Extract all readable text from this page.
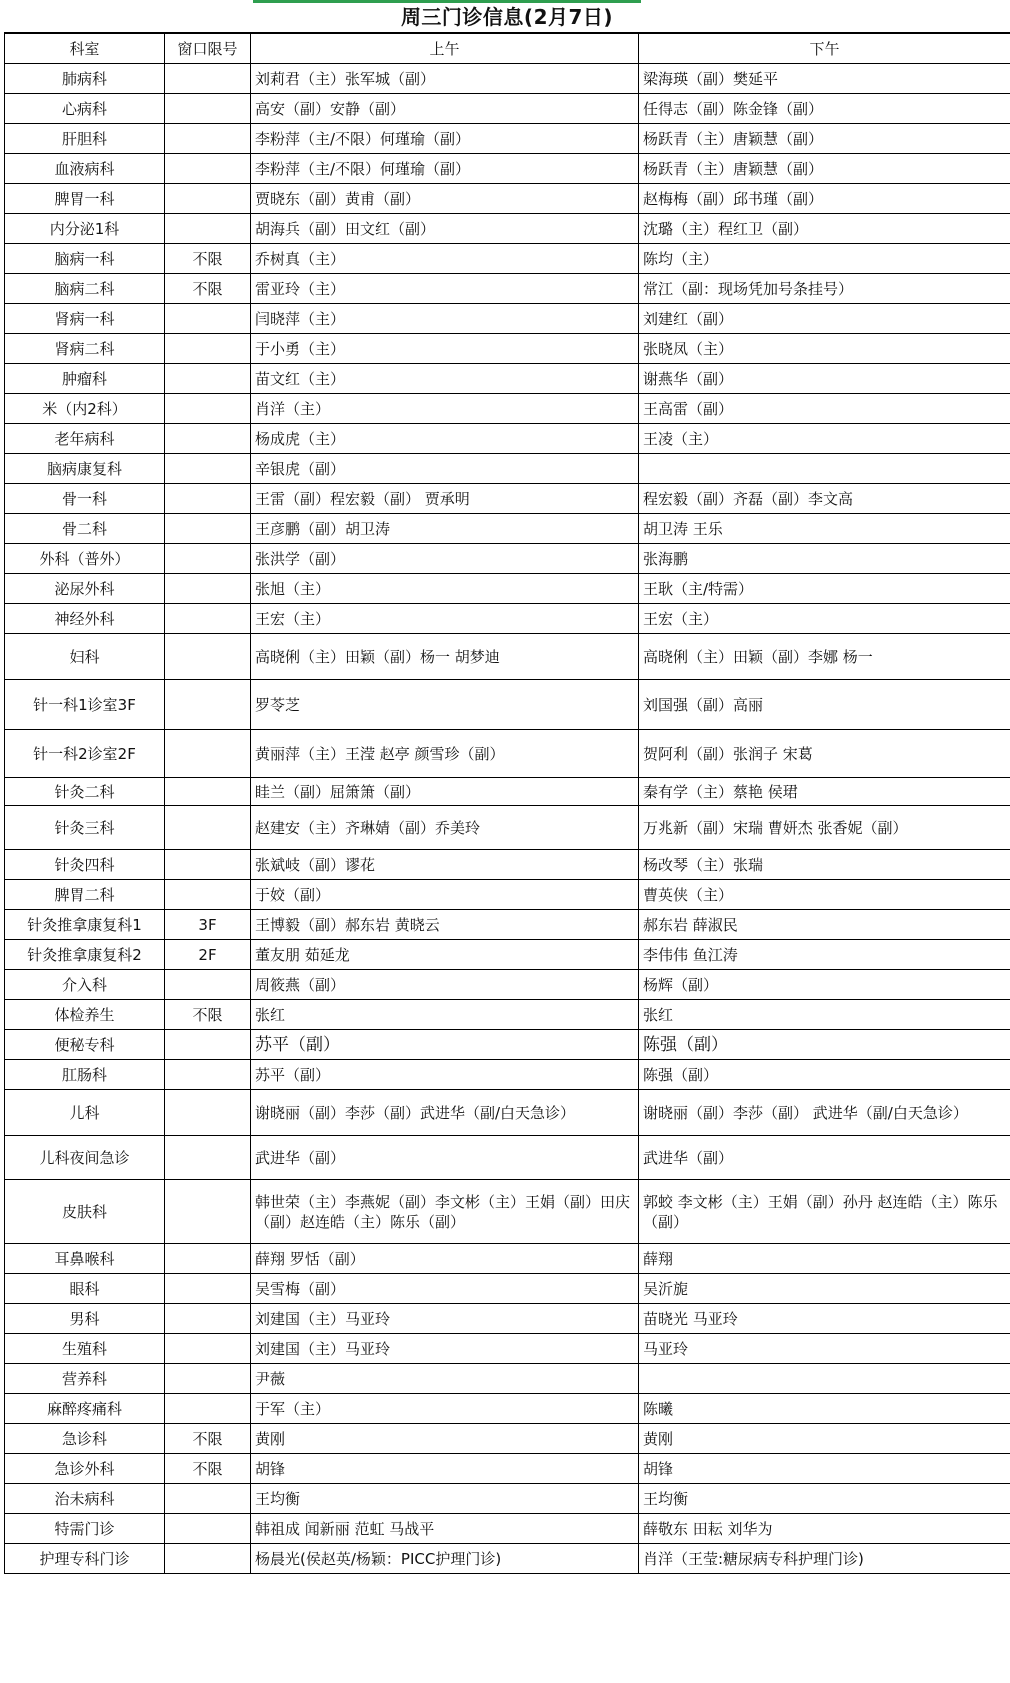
周三门诊信息(2月7日)
科室	窗口限号	上午	下午
肺病科		刘莉君（主）张军城（副）	梁海瑛（副）樊延平
心病科		高安（副）安静（副）	任得志（副）陈金锋（副）
肝胆科		李粉萍（主/不限）何瑾瑜（副）	杨跃青（主）唐颖慧（副）
血液病科		李粉萍（主/不限）何瑾瑜（副）	杨跃青（主）唐颖慧（副）
脾胃一科		贾晓东（副）黄甫（副）	赵梅梅（副）邱书瑾（副）
内分泌1科		胡海兵（副）田文红（副）	沈璐（主）程红卫（副）
脑病一科	不限	乔树真（主）	陈均（主）
脑病二科	不限	雷亚玲（主）	常江（副：现场凭加号条挂号）
肾病一科		闫晓萍（主）	刘建红（副）
肾病二科		于小勇（主）	张晓凤（主）
肿瘤科		苗文红（主）	谢燕华（副）
米（内2科）		肖洋（主）	王高雷（副）
老年病科		杨成虎（主）	王凌（主）
脑病康复科		辛银虎（副）	
骨一科		王雷（副）程宏毅（副） 贾承明	程宏毅（副）齐磊（副）李文高
骨二科		王彦鹏（副）胡卫涛	胡卫涛 王乐
外科（普外）		张洪学（副）	张海鹏
泌尿外科		张旭（主）	王耿（主/特需）
神经外科		王宏（主）	王宏（主）
妇科		高晓俐（主）田颖（副）杨一 胡梦迪	高晓俐（主）田颖（副）李娜 杨一
针一科1诊室3F		罗苓芝	刘国强（副）高丽
针一科2诊室2F		黄丽萍（主）王滢 赵亭 颜雪珍（副）	贺阿利（副）张润子 宋葛
针灸二科		眭兰（副）屈箫箫（副）	秦有学（主）蔡艳 侯珺
针灸三科		赵建安（主）齐琳婧（副）乔美玲	万兆新（副）宋瑞 曹妍杰 张香妮（副）
针灸四科		张斌岐（副）谬花	杨改琴（主）张瑞
脾胃二科		于姣（副）	曹英侠（主）
针灸推拿康复科1	3F	王博毅（副）郝东岩 黄晓云	郝东岩 薛淑民
针灸推拿康复科2	2F	董友朋 茹延龙	李伟伟 鱼江涛
介入科		周筱燕（副）	杨辉（副）
体检养生	不限	张红	张红
便秘专科		苏平（副）	陈强（副）
肛肠科		苏平（副）	陈强（副）
儿科		谢晓丽（副）李莎（副）武进华（副/白天急诊）	谢晓丽（副）李莎（副） 武进华（副/白天急诊）
儿科夜间急诊		武进华（副）	武进华（副）
皮肤科		韩世荣（主）李燕妮（副）李文彬（主）王娟（副）田庆（副）赵连皓（主）陈乐（副）	郭蛟 李文彬（主）王娟（副）孙丹 赵连皓（主）陈乐（副）
耳鼻喉科		薛翔 罗恬（副）	薛翔
眼科		吴雪梅（副）	吴沂旎
男科		刘建国（主）马亚玲	苗晓光 马亚玲
生殖科		刘建国（主）马亚玲	马亚玲
营养科		尹薇	
麻醉疼痛科		于军（主）	陈曦
急诊科	不限	黄刚	黄刚
急诊外科	不限	胡锋	胡锋
治未病科		王均衡	王均衡
特需门诊		韩祖成 闻新丽 范虹 马战平	薛敬东 田耘 刘华为
护理专科门诊		杨晨光(侯赵英/杨颖：PICC护理门诊)	肖洋（王莹:糖尿病专科护理门诊)
